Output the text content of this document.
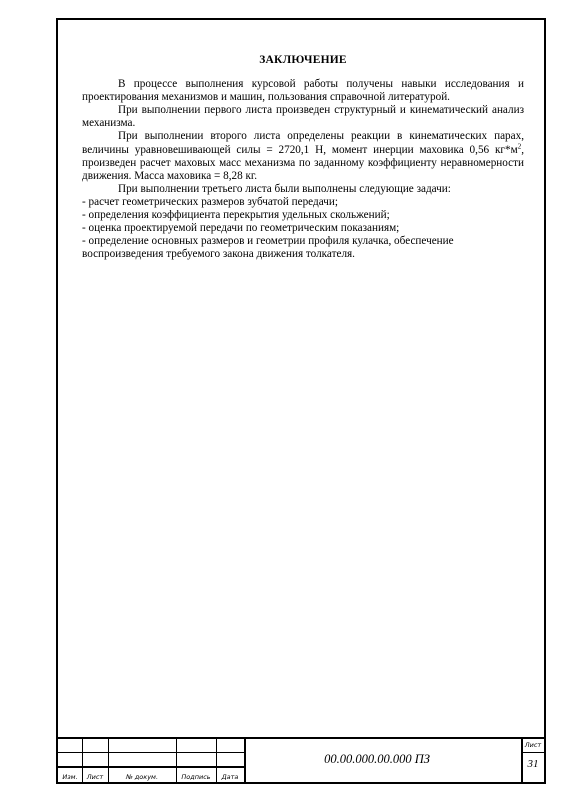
ЗАКЛЮЧЕНИЕ

В процессе выполнения курсовой работы получены навыки исследования и проектирования механизмов и машин, пользования справочной литературой.

При выполнении первого листа произведен структурный и кинематический анализ механизма.

При выполнении второго листа определены реакции в кинематических парах, величины уравновешивающей силы = 2720,1 Н, момент инерции маховика 0,56 $кг*м^2$, произведен расчет маховых масс механизма по заданному коэффициенту неравномерности движения. Масса маховика = 8,28 кг.

При выполнении третьего листа были выполнены следующие задачи:

- расчет геометрических размеров зубчатой передачи;
- определения коэффициента перекрытия удельных скольжений;
- оценка проектируемой передачи по геометрическим показаниям;
- определение основных размеров и геометрии профиля кулачка, обеспечение воспроизведения требуемого закона движения толкателя.
Изм.	Лист	№ докум.	Подпись	Дата
00.00.000.00.000 ПЗ
Лист
31
